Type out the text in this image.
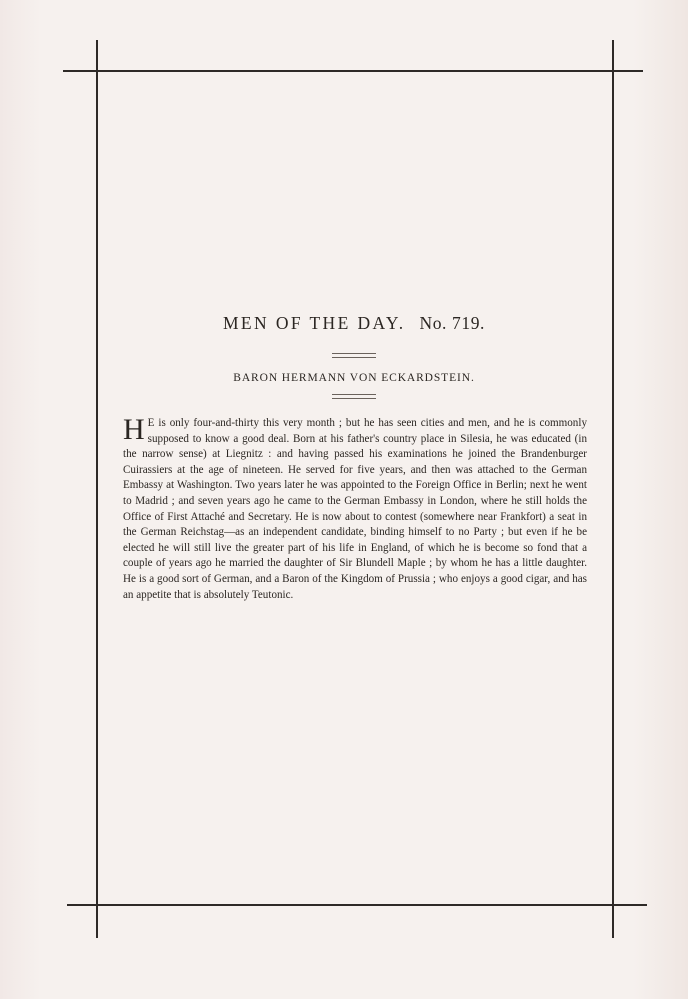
MEN OF THE DAY. No. 719.
BARON HERMANN VON ECKARDSTEIN.

H E is only four-and-thirty this very month ; but he has seen cities and men, and he is commonly supposed to know a good deal. Born at his father's country place in Silesia, he was educated (in the narrow sense) at Liegnitz : and having passed his examinations he joined the Brandenburger Cuirassiers at the age of nineteen. He served for five years, and then was attached to the German Embassy at Washington. Two years later he was appointed to the Foreign Office in Berlin; next he went to Madrid ; and seven years ago he came to the German Embassy in London, where he still holds the Office of First Attaché and Secretary. He is now about to contest (somewhere near Frankfort) a seat in the German Reichstag—as an independent candidate, binding himself to no Party ; but even if he be elected he will still live the greater part of his life in England, of which he is become so fond that a couple of years ago he married the daughter of Sir Blundell Maple ; by whom he has a little daughter. He is a good sort of German, and a Baron of the Kingdom of Prussia ; who enjoys a good cigar, and has an appetite that is absolutely Teutonic.
